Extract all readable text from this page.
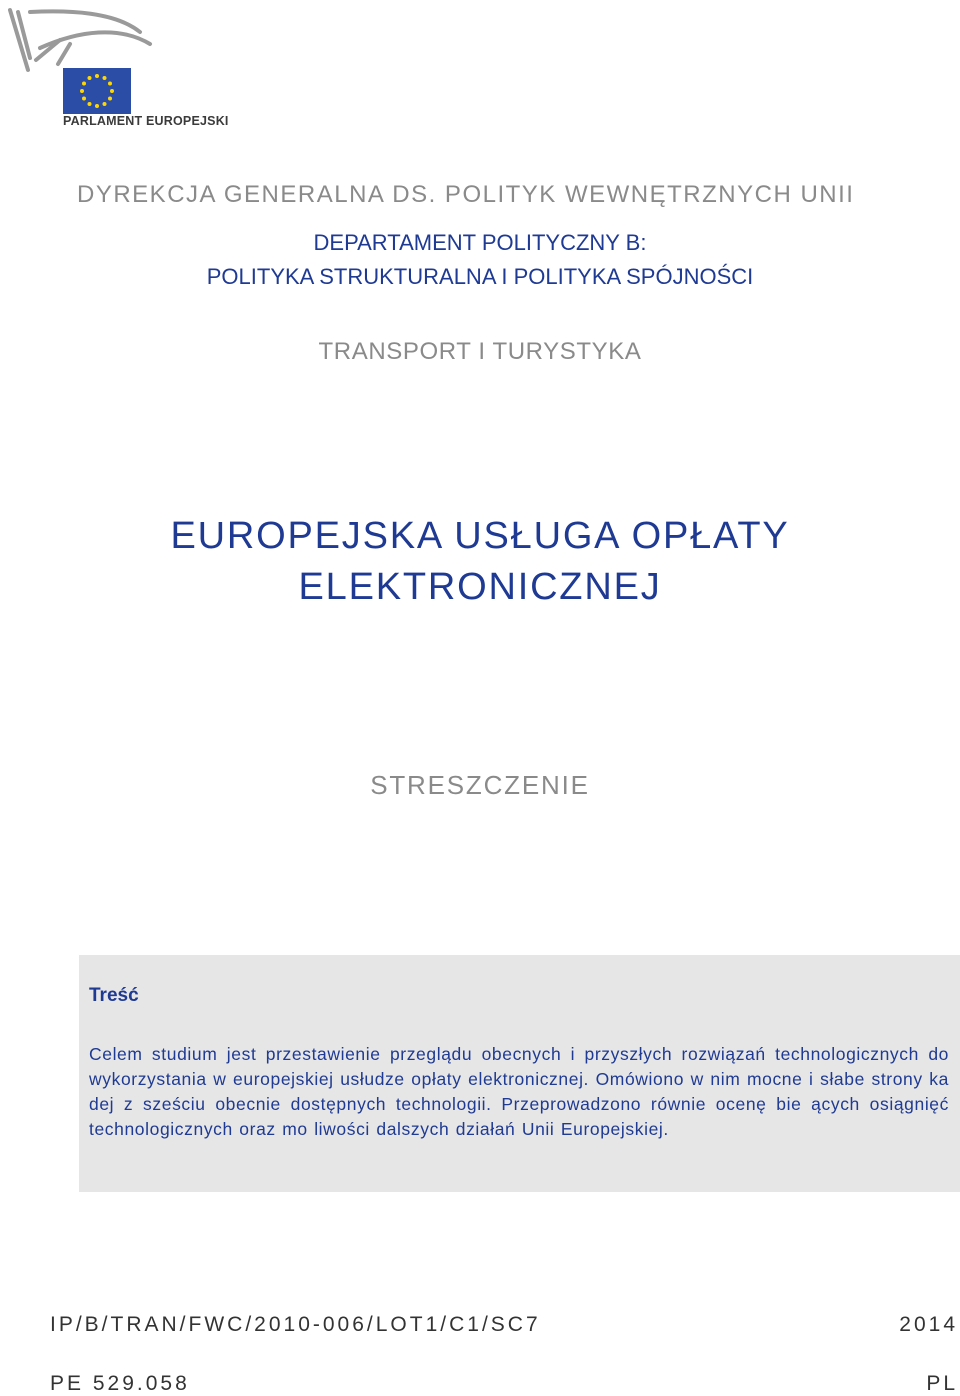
PARLAMENT EUROPEJSKI
DYREKCJA GENERALNA DS. POLITYK WEWNĘTRZNYCH UNII
DEPARTAMENT POLITYCZNY B:
POLITYKA STRUKTURALNA I POLITYKA SPÓJNOŚCI
TRANSPORT I TURYSTYKA
EUROPEJSKA USŁUGA OPŁATY
ELEKTRONICZNEJ
STRESZCZENIE
Treść
Celem studium jest przestawienie przeglądu obecnych i przyszłych rozwiązań technologicznych do wykorzystania w europejskiej usłudze opłaty elektronicznej. Omówiono w nim mocne i słabe strony ka dej z sześciu obecnie dostępnych technologii. Przeprowadzono równie ocenę bie ących osiągnięć technologicznych oraz mo liwości dalszych działań Unii Europejskiej.
IP/B/TRAN/FWC/2010-006/LOT1/C1/SC7	2014
PE 529.058	PL
